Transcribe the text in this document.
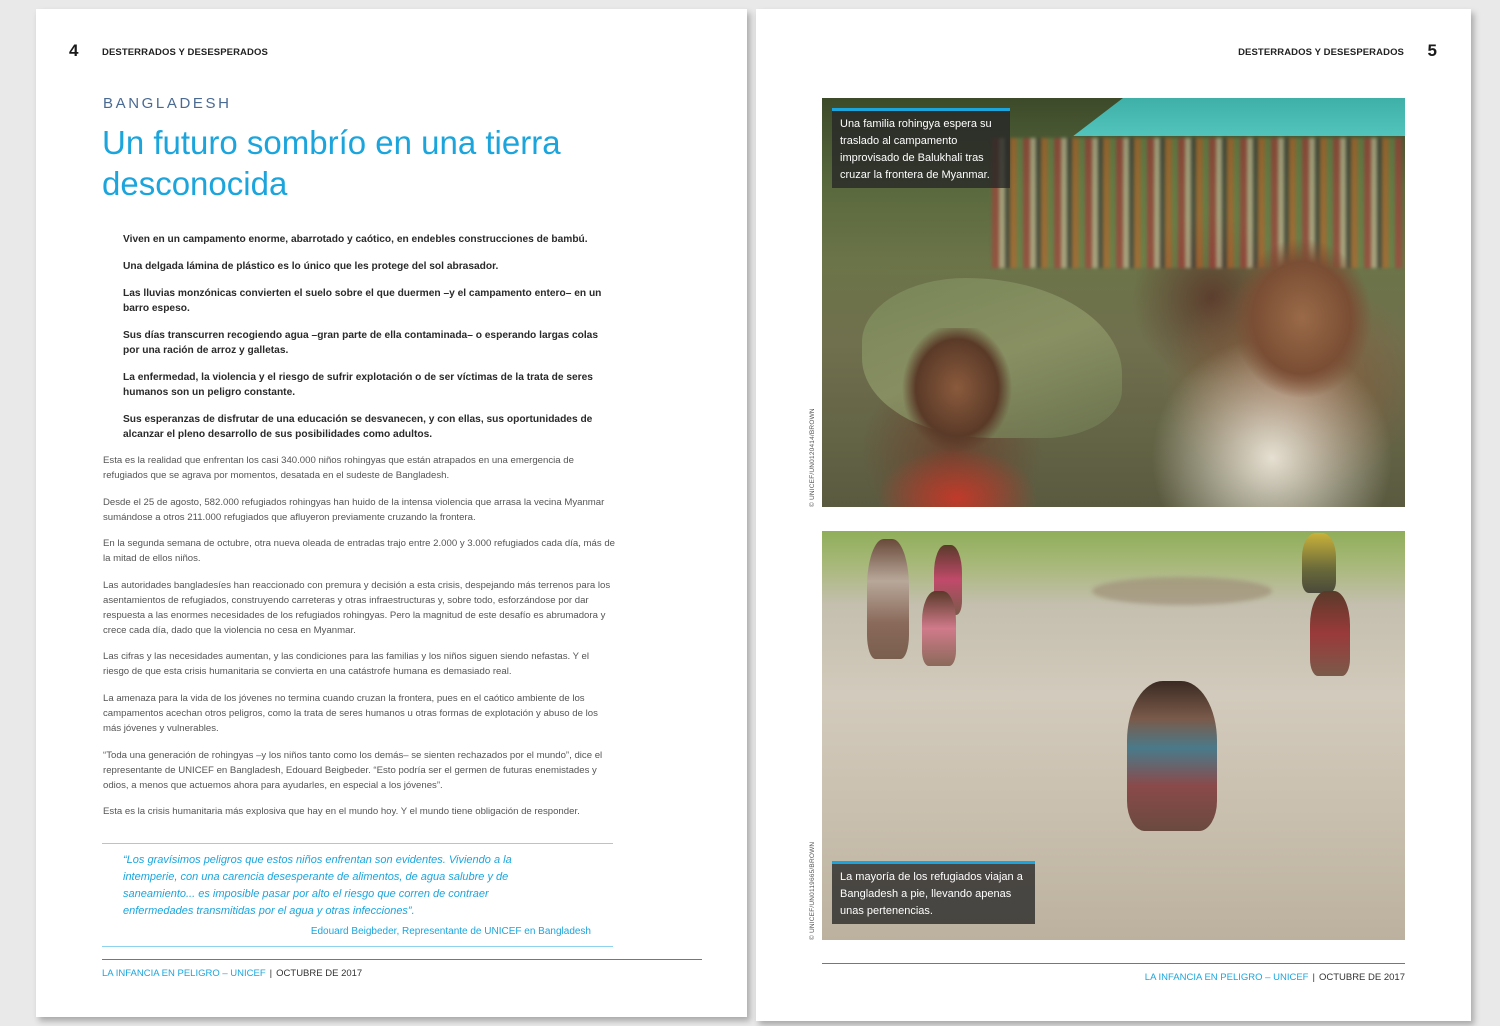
4 DESTERRADOS Y DESESPERADOS
BANGLADESH
Un futuro sombrío en una tierra desconocida
Viven en un campamento enorme, abarrotado y caótico, en endebles construcciones de bambú.
Una delgada lámina de plástico es lo único que les protege del sol abrasador.
Las lluvias monzónicas convierten el suelo sobre el que duermen –y el campamento entero– en un barro espeso.
Sus días transcurren recogiendo agua –gran parte de ella contaminada– o esperando largas colas por una ración de arroz y galletas.
La enfermedad, la violencia y el riesgo de sufrir explotación o de ser víctimas de la trata de seres humanos son un peligro constante.
Sus esperanzas de disfrutar de una educación se desvanecen, y con ellas, sus oportunidades de alcanzar el pleno desarrollo de sus posibilidades como adultos.

Esta es la realidad que enfrentan los casi 340.000 niños rohingyas que están atrapados en una emergencia de refugiados que se agrava por momentos, desatada en el sudeste de Bangladesh.

Desde el 25 de agosto, 582.000 refugiados rohingyas han huido de la intensa violencia que arrasa la vecina Myanmar sumándose a otros 211.000 refugiados que afluyeron previamente cruzando la frontera.

En la segunda semana de octubre, otra nueva oleada de entradas trajo entre 2.000 y 3.000 refugiados cada día, más de la mitad de ellos niños.

Las autoridades bangladesíes han reaccionado con premura y decisión a esta crisis, despejando más terrenos para los asentamientos de refugiados, construyendo carreteras y otras infraestructuras y, sobre todo, esforzándose por dar respuesta a las enormes necesidades de los refugiados rohingyas. Pero la magnitud de este desafío es abrumadora y crece cada día, dado que la violencia no cesa en Myanmar.

Las cifras y las necesidades aumentan, y las condiciones para las familias y los niños siguen siendo nefastas. Y el riesgo de que esta crisis humanitaria se convierta en una catástrofe humana es demasiado real.

La amenaza para la vida de los jóvenes no termina cuando cruzan la frontera, pues en el caótico ambiente de los campamentos acechan otros peligros, como la trata de seres humanos u otras formas de explotación y abuso de los más jóvenes y vulnerables.

“Toda una generación de rohingyas –y los niños tanto como los demás– se sienten rechazados por el mundo”, dice el representante de UNICEF en Bangladesh, Edouard Beigbeder. “Esto podría ser el germen de futuras enemistades y odios, a menos que actuemos ahora para ayudarles, en especial a los jóvenes”.

Esta es la crisis humanitaria más explosiva que hay en el mundo hoy. Y el mundo tiene obligación de responder.

“Los gravísimos peligros que estos niños enfrentan son evidentes. Viviendo a la intemperie, con una carencia desesperante de alimentos, de agua salubre y de saneamiento... es imposible pasar por alto el riesgo que corren de contraer enfermedades transmitidas por el agua y otras infecciones”.
Edouard Beigbeder, Representante de UNICEF en Bangladesh
LA INFANCIA EN PELIGRO – UNICEF | OCTUBRE DE 2017
DESTERRADOS Y DESESPERADOS 5
Una familia rohingya espera su traslado al campamento improvisado de Balukhali tras cruzar la frontera de Myanmar.
© UNICEF/UN0120414/BROWN
La mayoría de los refugiados viajan a Bangladesh a pie, llevando apenas unas pertenencias.
© UNICEF/UN0119665/BROWN
LA INFANCIA EN PELIGRO – UNICEF | OCTUBRE DE 2017
